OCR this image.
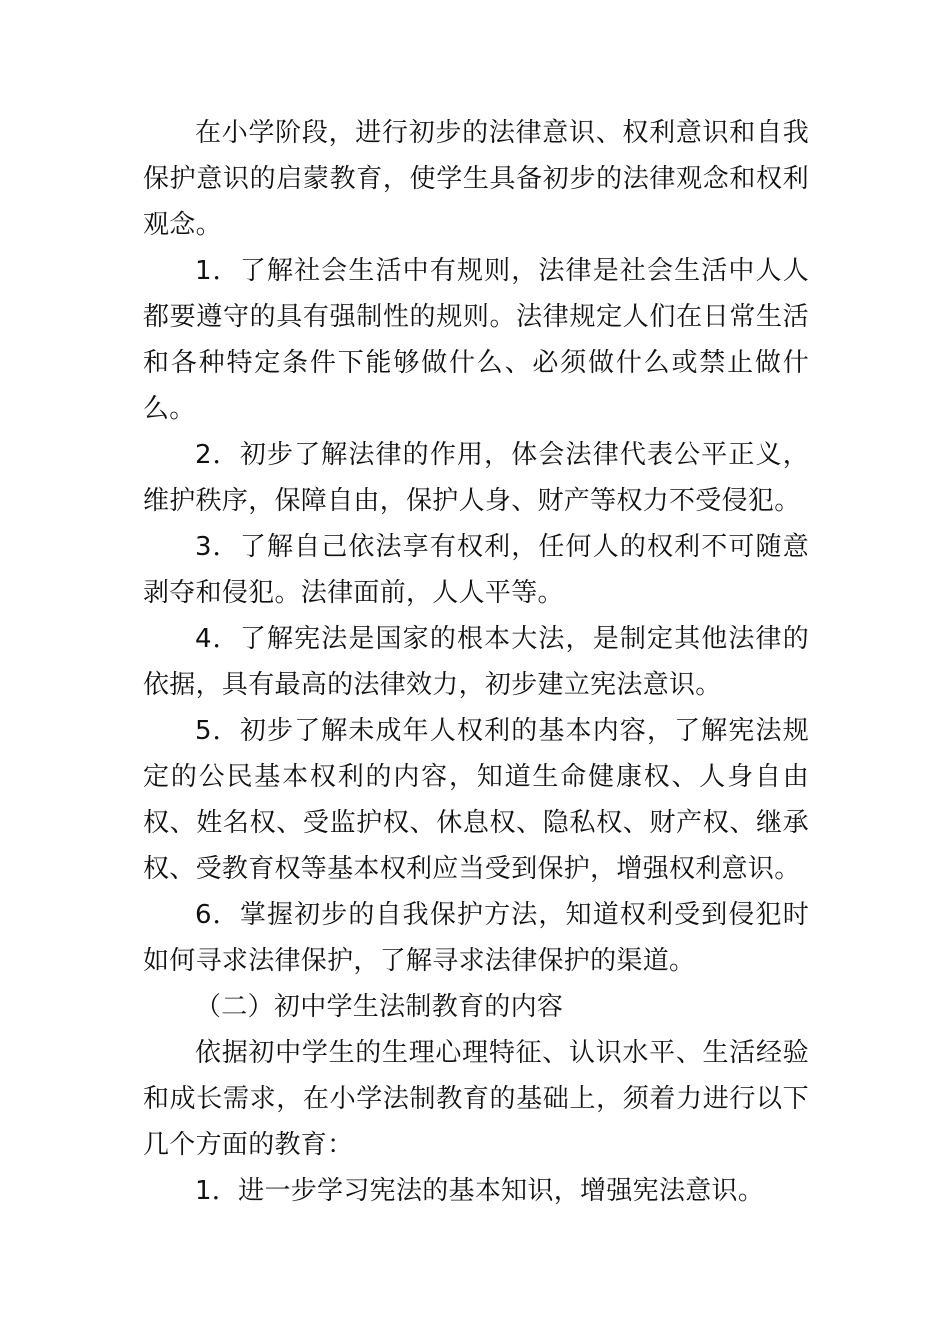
在小学阶段，进行初步的法律意识、权利意识和自我保护意识的启蒙教育，使学生具备初步的法律观念和权利观念。

1．了解社会生活中有规则，法律是社会生活中人人都要遵守的具有强制性的规则。法律规定人们在日常生活和各种特定条件下能够做什么、必须做什么或禁止做什么。

2．初步了解法律的作用，体会法律代表公平正义，维护秩序，保障自由，保护人身、财产等权力不受侵犯。

3．了解自己依法享有权利，任何人的权利不可随意剥夺和侵犯。法律面前，人人平等。

4．了解宪法是国家的根本大法，是制定其他法律的依据，具有最高的法律效力，初步建立宪法意识。

5．初步了解未成年人权利的基本内容，了解宪法规定的公民基本权利的内容，知道生命健康权、人身自由权、姓名权、受监护权、休息权、隐私权、财产权、继承权、受教育权等基本权利应当受到保护，增强权利意识。

6．掌握初步的自我保护方法，知道权利受到侵犯时如何寻求法律保护，了解寻求法律保护的渠道。

（二）初中学生法制教育的内容

依据初中学生的生理心理特征、认识水平、生活经验和成长需求，在小学法制教育的基础上，须着力进行以下几个方面的教育：

1．进一步学习宪法的基本知识，增强宪法意识。
